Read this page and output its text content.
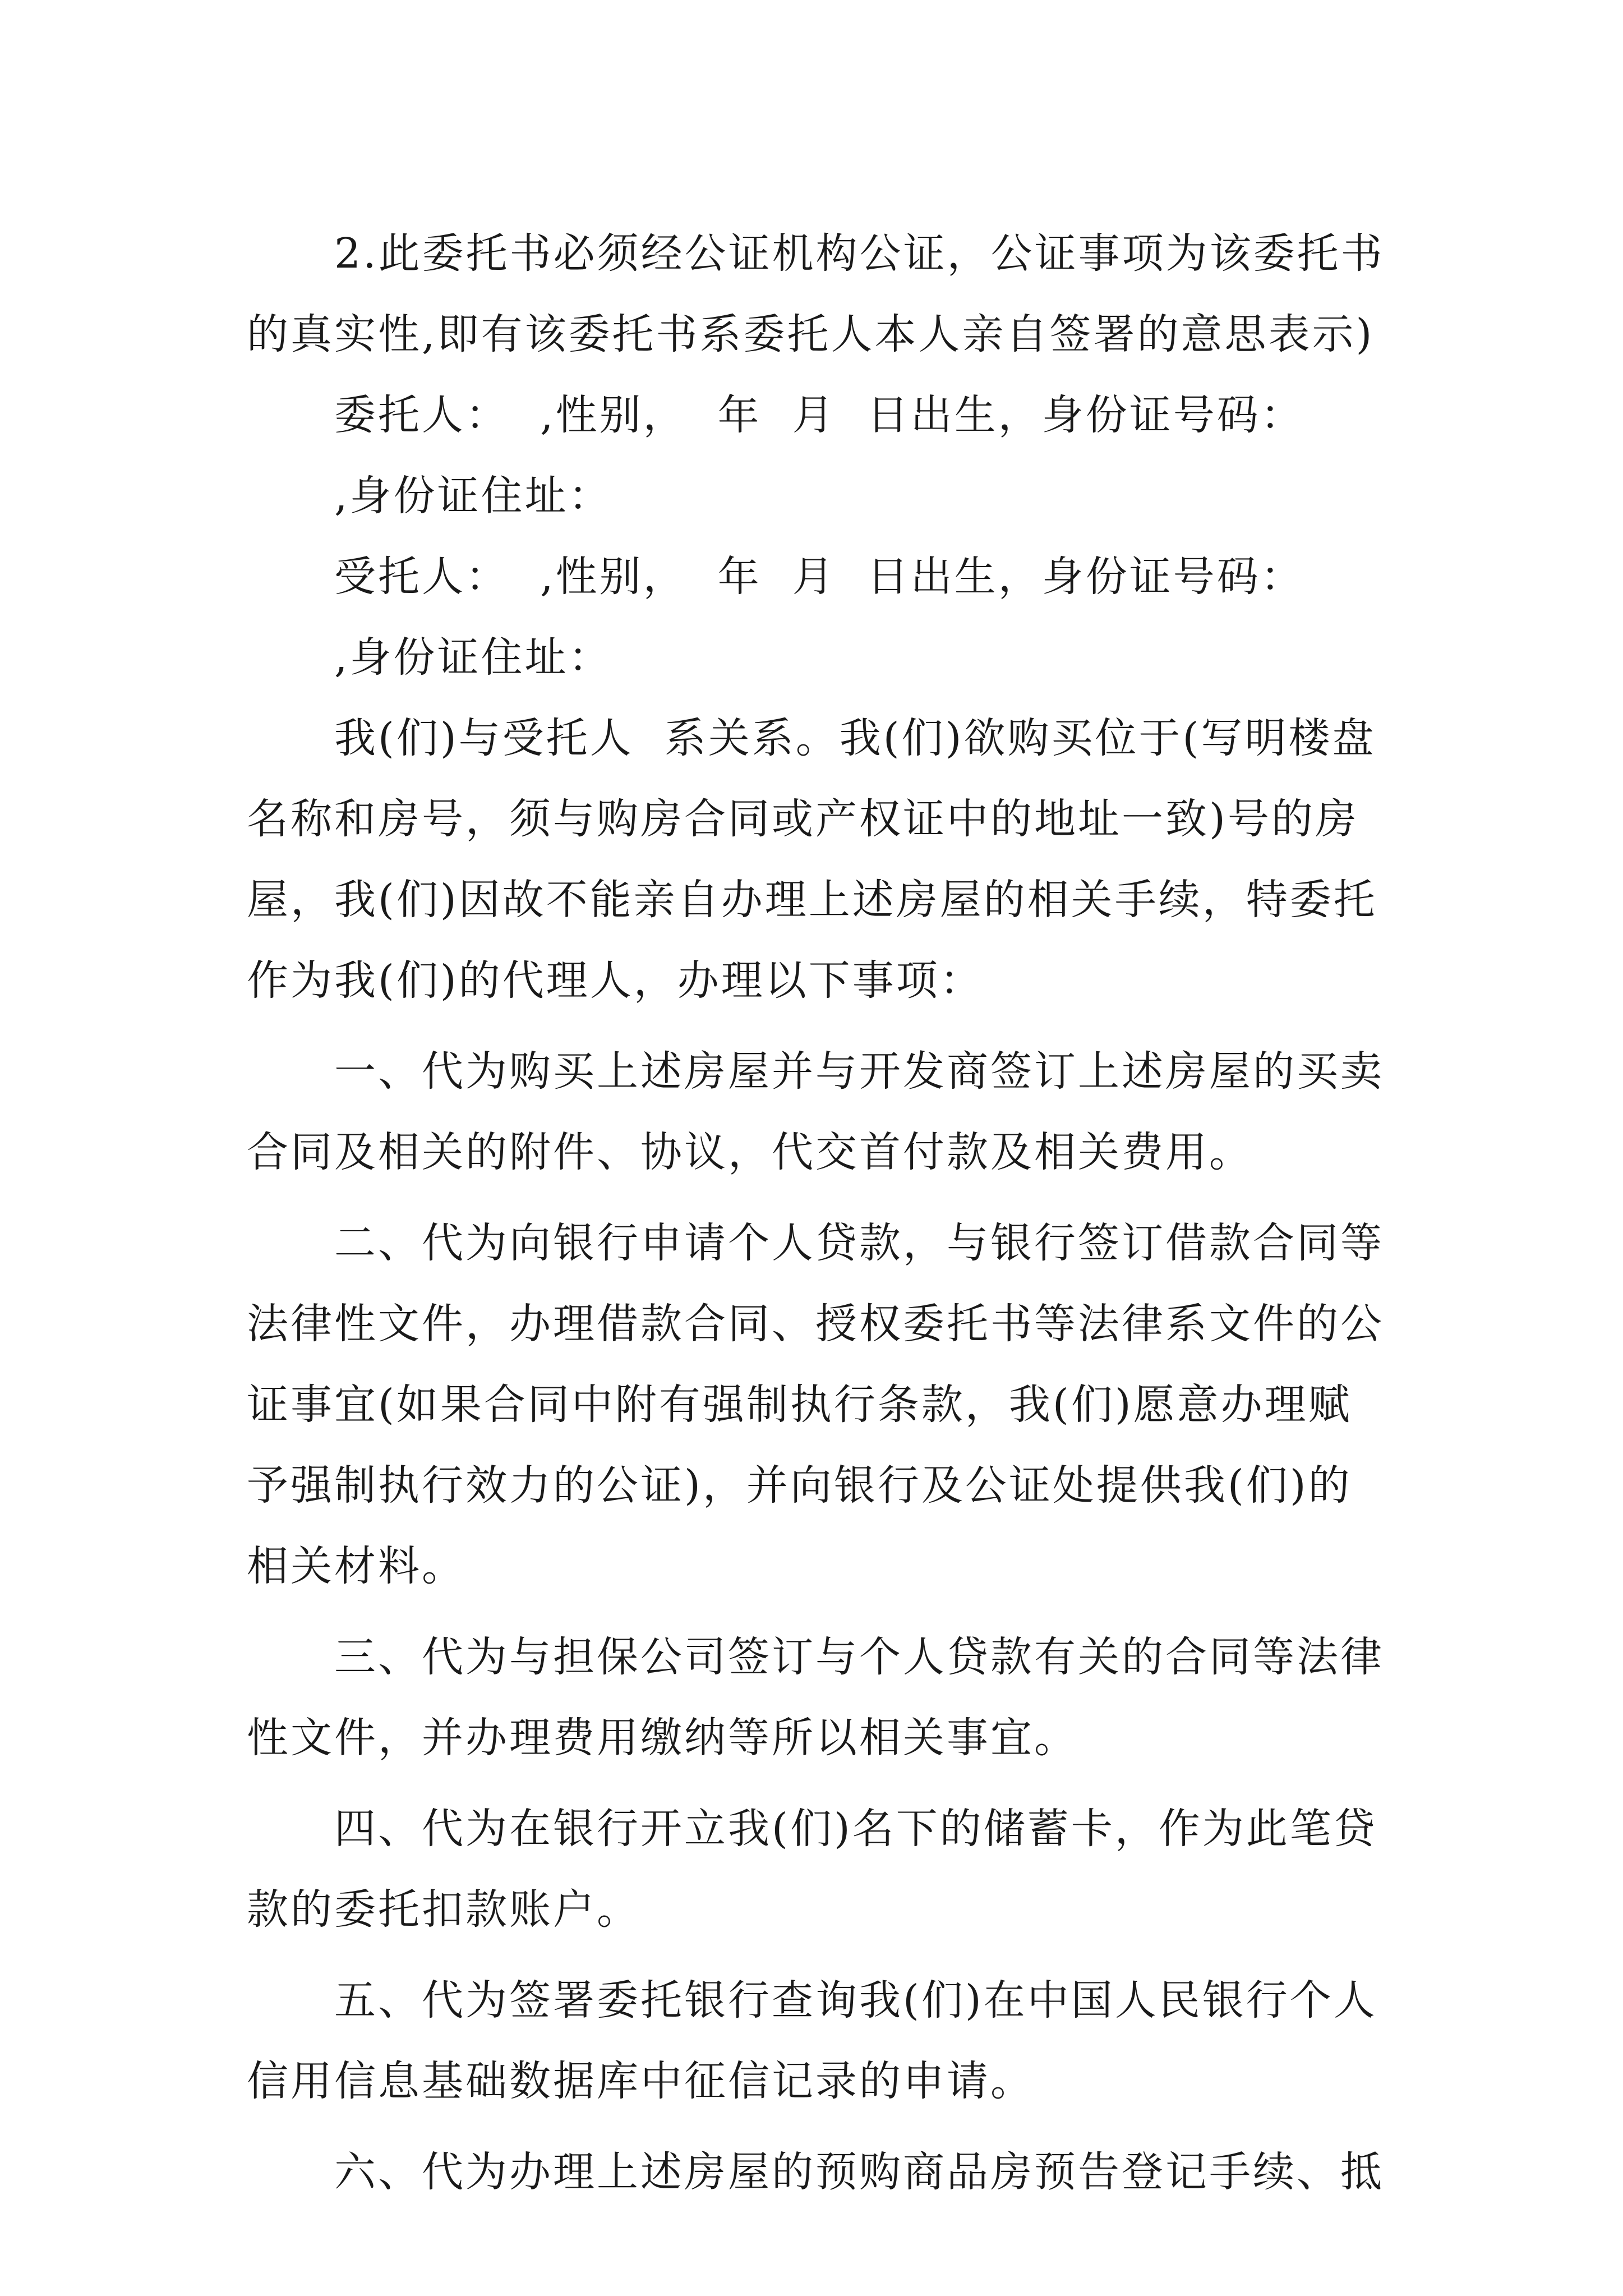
2.此委托书必须经公证机构公证，公证事项为该委托书
的真实性,即有该委托书系委托人本人亲自签署的意思表示)
委托人：  ,性别，  年  月  日出生，身份证号码：
,身份证住址：
受托人：  ,性别，  年  月  日出生，身份证号码：
,身份证住址：
我(们)与受托人  系关系。我(们)欲购买位于(写明楼盘
名称和房号，须与购房合同或产权证中的地址一致)号的房
屋，我(们)因故不能亲自办理上述房屋的相关手续，特委托
作为我(们)的代理人，办理以下事项：
一、代为购买上述房屋并与开发商签订上述房屋的买卖
合同及相关的附件、协议，代交首付款及相关费用。
二、代为向银行申请个人贷款，与银行签订借款合同等
法律性文件，办理借款合同、授权委托书等法律系文件的公
证事宜(如果合同中附有强制执行条款，我(们)愿意办理赋
予强制执行效力的公证)，并向银行及公证处提供我(们)的
相关材料。
三、代为与担保公司签订与个人贷款有关的合同等法律
性文件，并办理费用缴纳等所以相关事宜。
四、代为在银行开立我(们)名下的储蓄卡，作为此笔贷
款的委托扣款账户。
五、代为签署委托银行查询我(们)在中国人民银行个人
信用信息基础数据库中征信记录的申请。
六、代为办理上述房屋的预购商品房预告登记手续、抵
